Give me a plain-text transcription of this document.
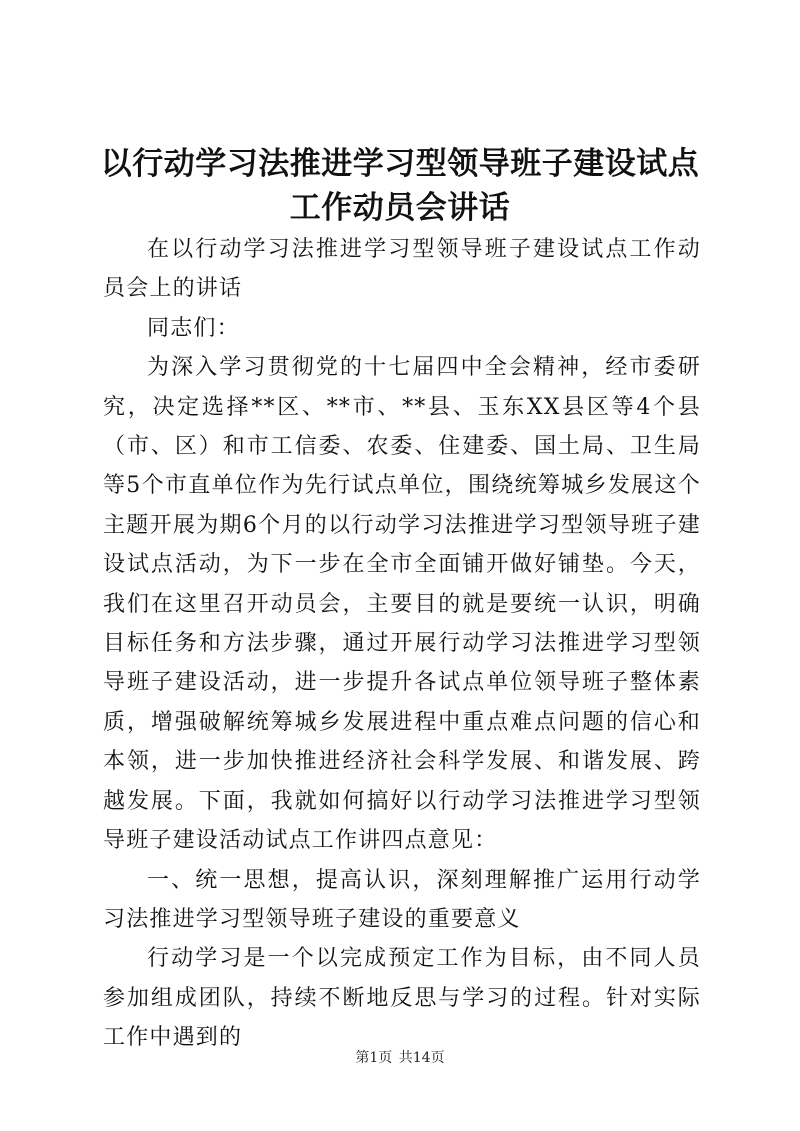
以行动学习法推进学习型领导班子建设试点工作动员会讲话

在以行动学习法推进学习型领导班子建设试点工作动员会上的讲话

同志们：

为深入学习贯彻党的十七届四中全会精神，经市委研究，决定选择**区、**市、**县、玉东XX县区等4个县（市、区）和市工信委、农委、住建委、国土局、卫生局等5个市直单位作为先行试点单位，围绕统筹城乡发展这个主题开展为期6个月的以行动学习法推进学习型领导班子建设试点活动，为下一步在全市全面铺开做好铺垫。今天，我们在这里召开动员会，主要目的就是要统一认识，明确目标任务和方法步骤，通过开展行动学习法推进学习型领导班子建设活动，进一步提升各试点单位领导班子整体素质，增强破解统筹城乡发展进程中重点难点问题的信心和本领，进一步加快推进经济社会科学发展、和谐发展、跨越发展。下面，我就如何搞好以行动学习法推进学习型领导班子建设活动试点工作讲四点意见：

一、统一思想，提高认识，深刻理解推广运用行动学习法推进学习型领导班子建设的重要意义

行动学习是一个以完成预定工作为目标，由不同人员参加组成团队，持续不断地反思与学习的过程。针对实际工作中遇到的

第1页 共14页
